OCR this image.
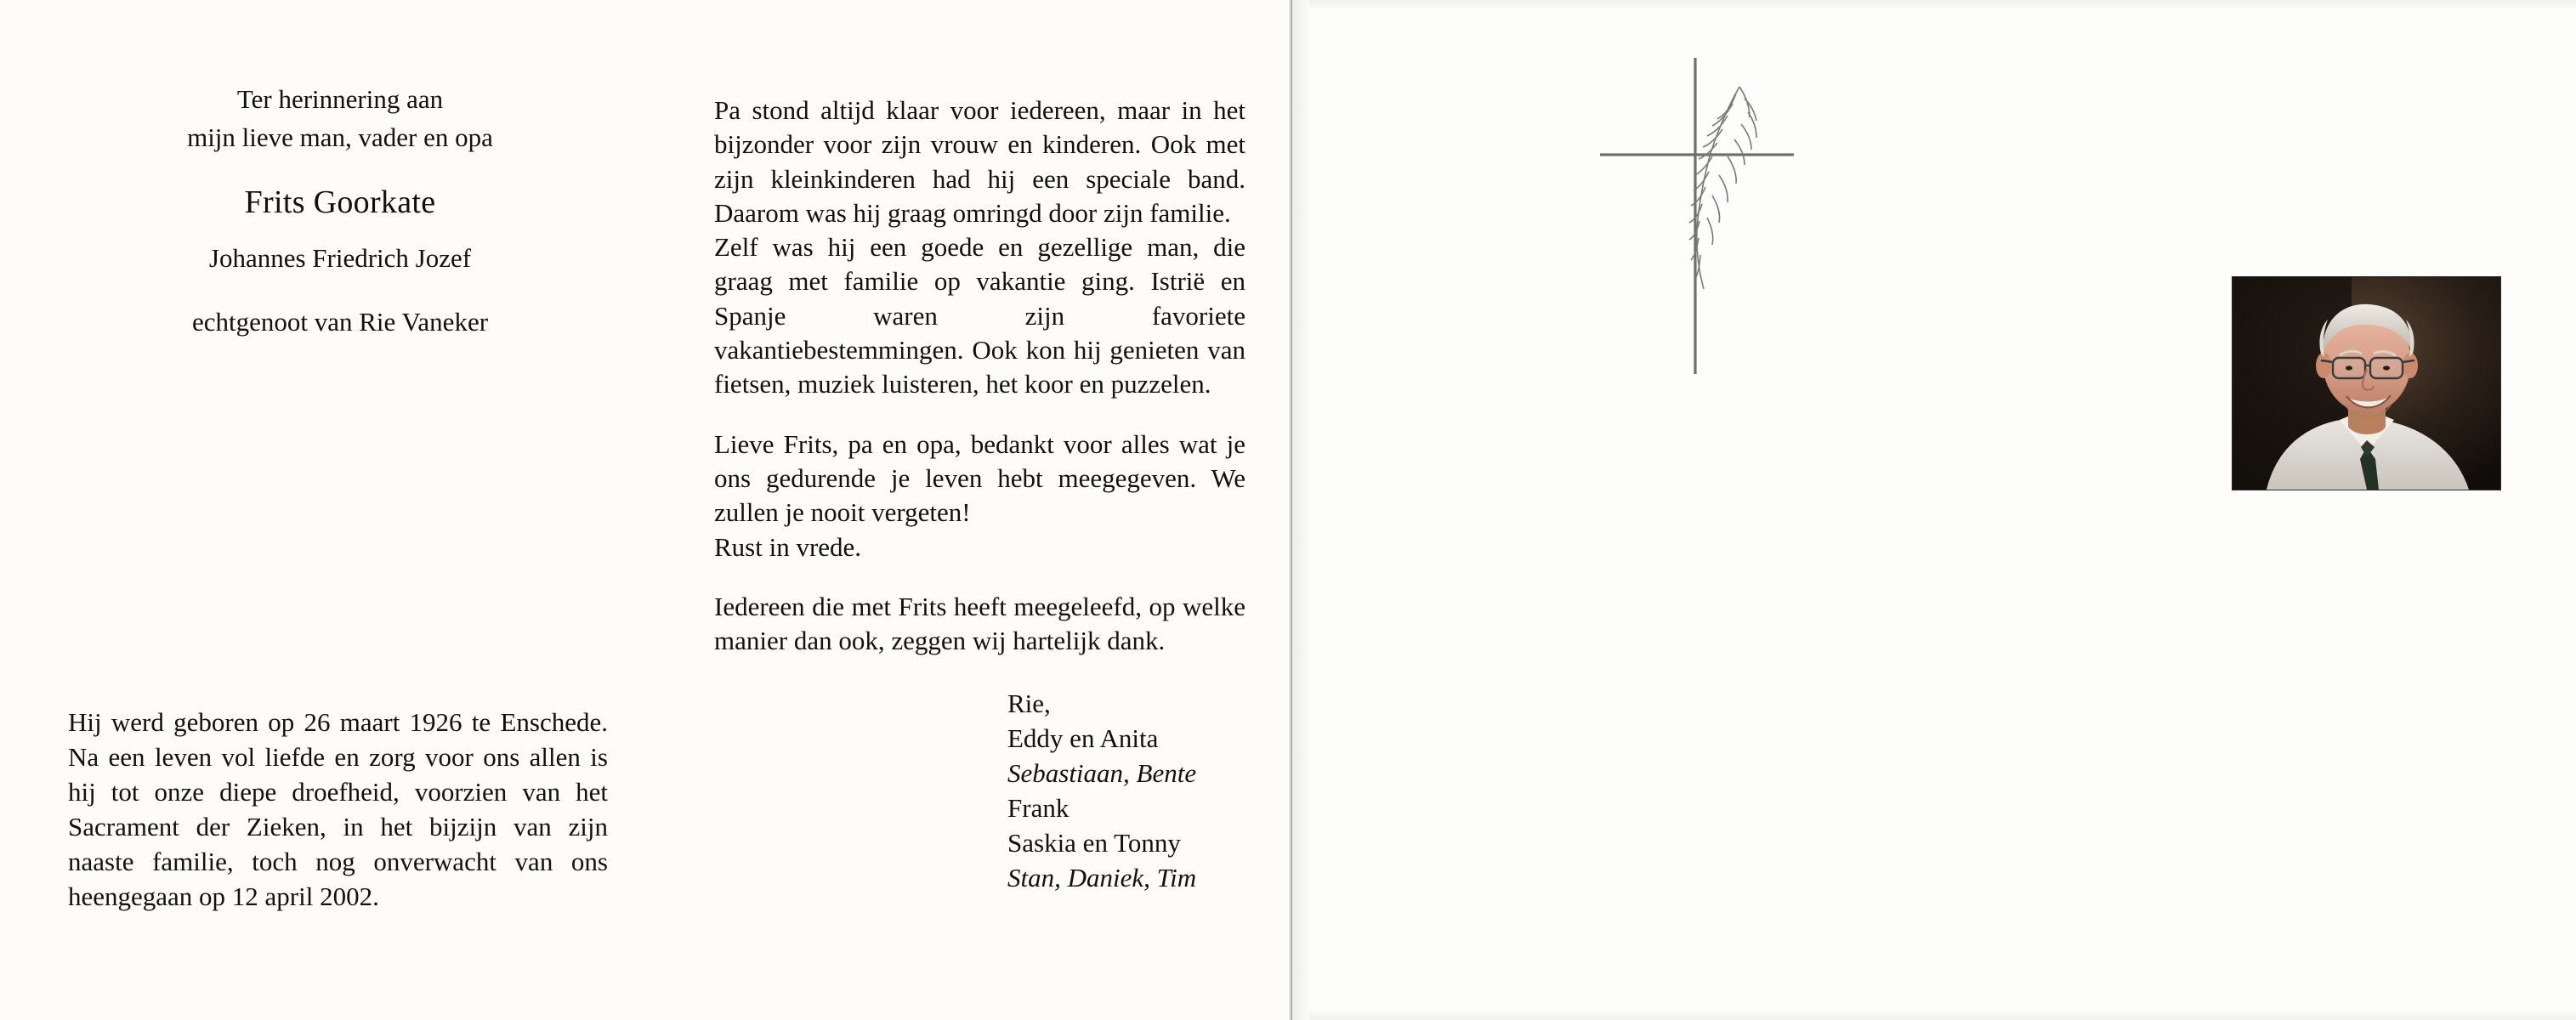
Ter herinnering aan
mijn lieve man, vader en opa
Frits Goorkate
Johannes Friedrich Jozef
echtgenoot van Rie Vaneker
Hij werd geboren op 26 maart 1926 te Enschede. Na een leven vol liefde en zorg voor ons allen is hij tot onze diepe droefheid, voorzien van het Sacrament der Zieken, in het bijzijn van zijn naaste familie, toch nog onverwacht van ons heengegaan op 12 april 2002.

Pa stond altijd klaar voor iedereen, maar in het bijzonder voor zijn vrouw en kinderen. Ook met zijn kleinkinderen had hij een speciale band. Daarom was hij graag omringd door zijn familie.

Zelf was hij een goede en gezellige man, die graag met familie op vakantie ging. Istrië en Spanje waren zijn favoriete vakantiebestemmingen. Ook kon hij genieten van fietsen, muziek luisteren, het koor en puzzelen.

Lieve Frits, pa en opa, bedankt voor alles wat je ons gedurende je leven hebt meegegeven. We zullen je nooit vergeten!

Rust in vrede.

Iedereen die met Frits heeft meegeleefd, op welke manier dan ook, zeggen wij hartelijk dank.

Rie,
Eddy en Anita
Sebastiaan, Bente
Frank
Saskia en Tonny
Stan, Daniek, Tim
